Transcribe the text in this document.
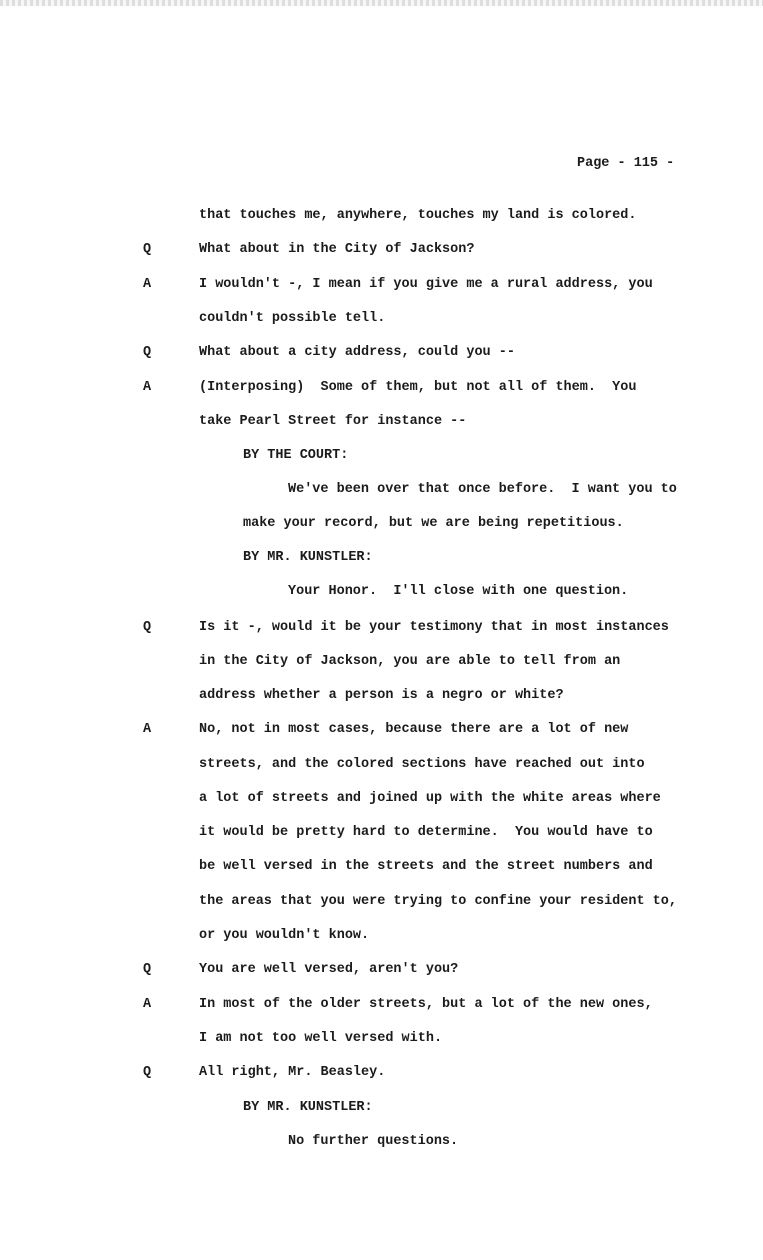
Page - 115 -
that touches me, anywhere, touches my land is colored.
Q	What about in the City of Jackson?
A	I wouldn't -, I mean if you give me a rural address, you
couldn't possible tell.
Q	What about a city address, could you --
A	(Interposing)  Some of them, but not all of them.  You
take Pearl Street for instance --
BY THE COURT:
We've been over that once before.  I want you to
make your record, but we are being repetitious.
BY MR. KUNSTLER:
Your Honor.  I'll close with one question.
Q	Is it -, would it be your testimony that in most instances
in the City of Jackson, you are able to tell from an
address whether a person is a negro or white?
A	No, not in most cases, because there are a lot of new
streets, and the colored sections have reached out into
a lot of streets and joined up with the white areas where
it would be pretty hard to determine.  You would have to
be well versed in the streets and the street numbers and
the areas that you were trying to confine your resident to,
or you wouldn't know.
Q	You are well versed, aren't you?
A	In most of the older streets, but a lot of the new ones,
I am not too well versed with.
Q	All right, Mr. Beasley.
BY MR. KUNSTLER:
No further questions.
